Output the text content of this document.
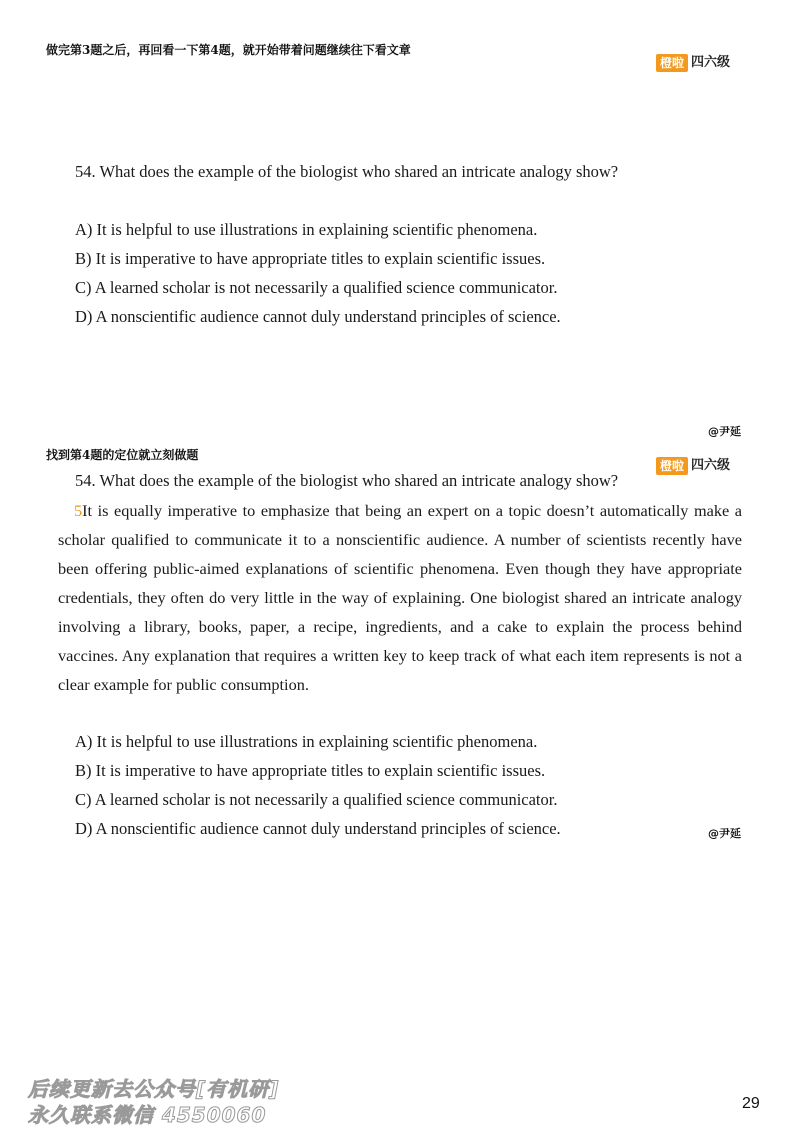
做完第3题之后，再回看一下第4题，就开始带着问题继续往下看文章
橙啦 四六级
54. What does the example of the biologist who shared an intricate analogy show?
A) It is helpful to use illustrations in explaining scientific phenomena.
B) It is imperative to have appropriate titles to explain scientific issues.
C) A learned scholar is not necessarily a qualified science communicator.
D) A nonscientific audience cannot duly understand principles of science.
@尹延
找到第4题的定位就立刻做题
橙啦 四六级
54. What does the example of the biologist who shared an intricate analogy show?
5It is equally imperative to emphasize that being an expert on a topic doesn’t automatically make a scholar qualified to communicate it to a nonscientific audience. A number of scientists recently have been offering public-aimed explanations of scientific phenomena. Even though they have appropriate credentials, they often do very little in the way of explaining. One biologist shared an intricate analogy involving a library, books, paper, a recipe, ingredients, and a cake to explain the process behind vaccines. Any explanation that requires a written key to keep track of what each item represents is not a clear example for public consumption.
A) It is helpful to use illustrations in explaining scientific phenomena.
B) It is imperative to have appropriate titles to explain scientific issues.
C) A learned scholar is not necessarily a qualified science communicator.
D) A nonscientific audience cannot duly understand principles of science.	@尹延
后续更新去公众号[有机研]
永久联系微信 4550060	29
